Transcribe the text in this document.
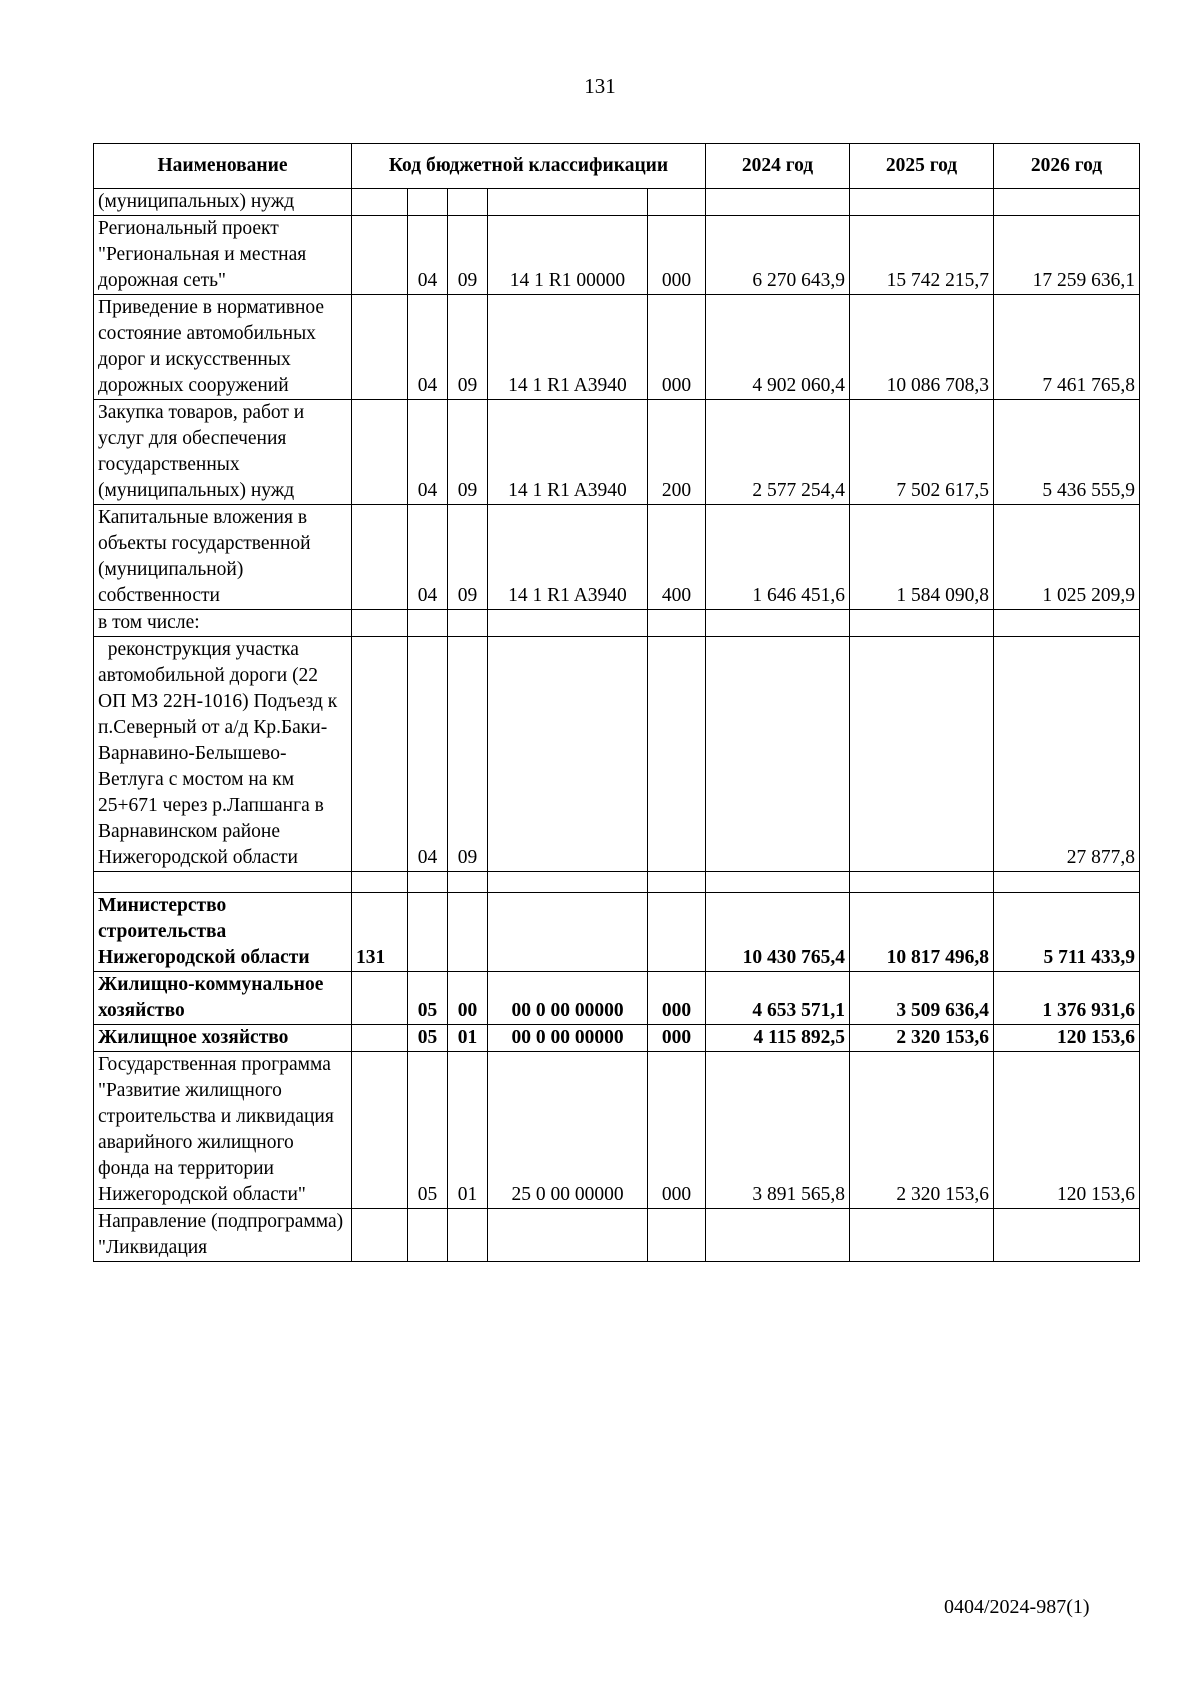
131
Наименование	Код бюджетной классификации					2024 год	2025 год	2026 год
(муниципальных) нужд								
Региональный проект "Региональная и местная дорожная сеть"		04	09	14 1 R1 00000	000	6 270 643,9	15 742 215,7	17 259 636,1
Приведение в нормативное состояние автомобильных дорог и искусственных дорожных сооружений		04	09	14 1 R1 A3940	000	4 902 060,4	10 086 708,3	7 461 765,8
Закупка товаров, работ и услуг для обеспечения государственных (муниципальных) нужд		04	09	14 1 R1 A3940	200	2 577 254,4	7 502 617,5	5 436 555,9
Капитальные вложения в объекты государственной (муниципальной) собственности		04	09	14 1 R1 A3940	400	1 646 451,6	1 584 090,8	1 025 209,9
в том числе:								
реконструкция участка автомобильной дороги (22 ОП МЗ 22Н-1016) Подъезд к п.Северный от а/д Кр.Баки-Варнавино-Белышево-Ветлуга с мостом на км 25+671 через р.Лапшанга в Варнавинском районе Нижегородской области		04	09					27 877,8

Министерство строительства Нижегородской области	131					10 430 765,4	10 817 496,8	5 711 433,9
Жилищно-коммунальное хозяйство		05	00	00 0 00 00000	000	4 653 571,1	3 509 636,4	1 376 931,6
Жилищное хозяйство		05	01	00 0 00 00000	000	4 115 892,5	2 320 153,6	120 153,6
Государственная программа "Развитие жилищного строительства и ликвидация аварийного жилищного фонда на территории Нижегородской области"		05	01	25 0 00 00000	000	3 891 565,8	2 320 153,6	120 153,6
Направление (подпрограмма) "Ликвидация								
0404/2024-987(1)
